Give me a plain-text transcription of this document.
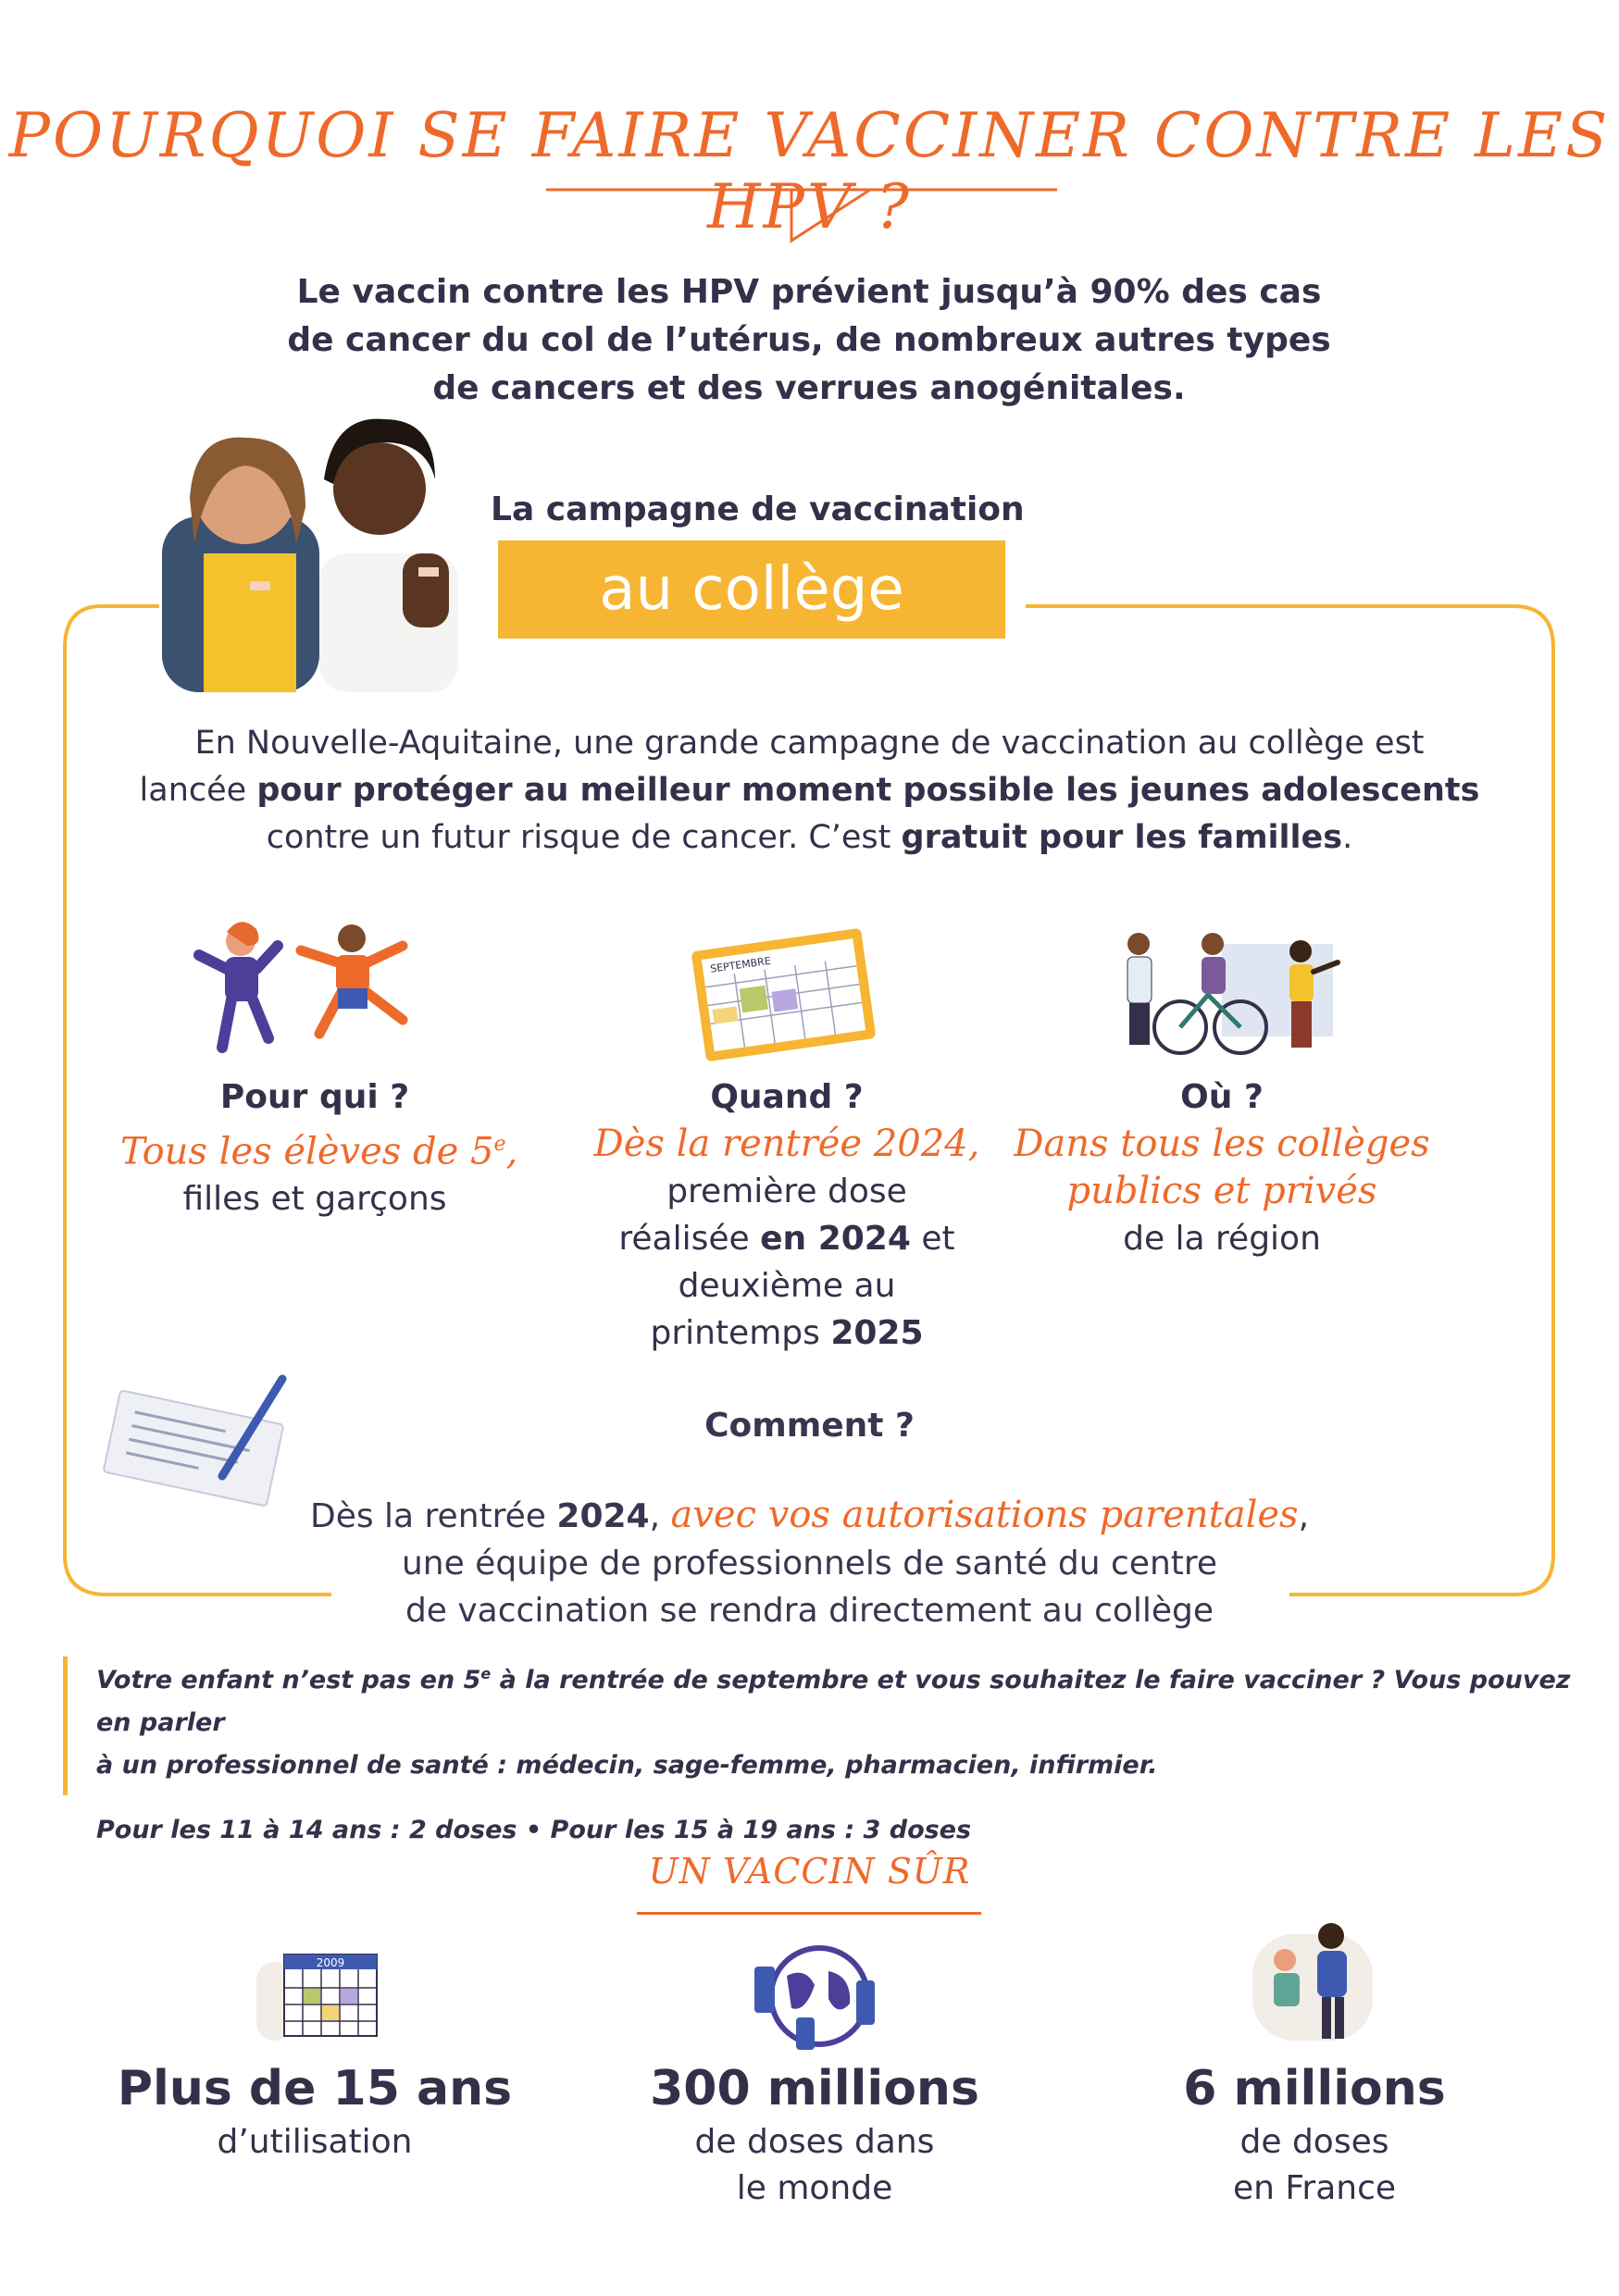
POURQUOI SE FAIRE VACCINER CONTRE LES HPV ?
Le vaccin contre les HPV prévient jusqu’à 90% des cas
de cancer du col de l’utérus, de nombreux autres types
de cancers et des verrues anogénitales.
La campagne de vaccination
au collège
En Nouvelle-Aquitaine, une grande campagne de vaccination au collège est
lancée pour protéger au meilleur moment possible les jeunes adolescents
contre un futur risque de cancer. C’est gratuit pour les familles.
SEPTEMBRE
Pour qui ?
Tous les élèves de 5e,
filles et garçons
Quand ?
Dès la rentrée 2024,
première dose
réalisée en 2024 et
deuxième au
printemps 2025
Où ?
Dans tous les collèges
publics et privés
de la région
Comment ?
Dès la rentrée 2024, avec vos autorisations parentales,
une équipe de professionnels de santé du centre
de vaccination se rendra directement au collège

Votre enfant n’est pas en 5e à la rentrée de septembre et vous souhaitez le faire vacciner ? Vous pouvez en parler

à un professionnel de santé : médecin, sage-femme, pharmacien, infirmier.

Pour les 11 à 14 ans : 2 doses • Pour les 15 à 19 ans : 3 doses

UN VACCIN SÛR
2009
Plus de 15 ans
d’utilisation
300 millions
de doses dans
le monde
6 millions
de doses
en France
